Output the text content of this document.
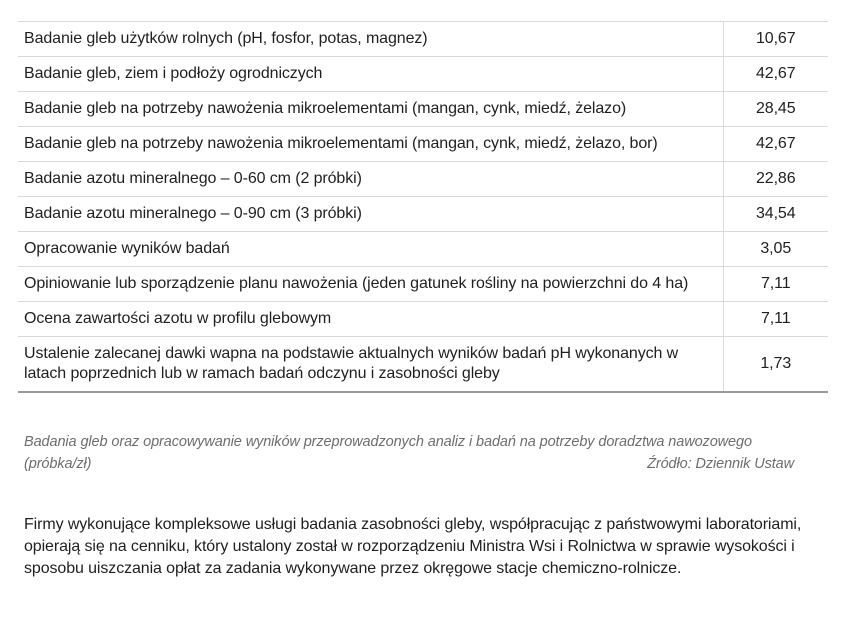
Badanie gleb użytków rolnych (pH, fosfor, potas, magnez)	10,67
Badanie gleb, ziem i podłoży ogrodniczych	42,67
Badanie gleb na potrzeby nawożenia mikroelementami (mangan, cynk, miedź, żelazo)	28,45
Badanie gleb na potrzeby nawożenia mikroelementami (mangan, cynk, miedź, żelazo, bor)	42,67
Badanie azotu mineralnego – 0-60 cm (2 próbki)	22,86
Badanie azotu mineralnego – 0-90 cm (3 próbki)	34,54
Opracowanie wyników badań	3,05
Opiniowanie lub sporządzenie planu nawożenia (jeden gatunek rośliny na powierzchni do 4 ha)	7,11
Ocena zawartości azotu w profilu glebowym	7,11
Ustalenie zalecanej dawki wapna na podstawie aktualnych wyników badań pH wykonanych w latach poprzednich lub w ramach badań odczynu i zasobności gleby	1,73
Badania gleb oraz opracowywanie wyników przeprowadzonych analiz i badań na potrzeby doradztwa nawozowego
(próbka/zł)	Źródło: Dziennik Ustaw
Firmy wykonujące kompleksowe usługi badania zasobności gleby, współpracując z państwowymi laboratoriami, opierają się na cenniku, który ustalony został w rozporządzeniu Ministra Wsi i Rolnictwa w sprawie wysokości i sposobu uiszczania opłat za zadania wykonywane przez okręgowe stacje chemiczno-rolnicze.
